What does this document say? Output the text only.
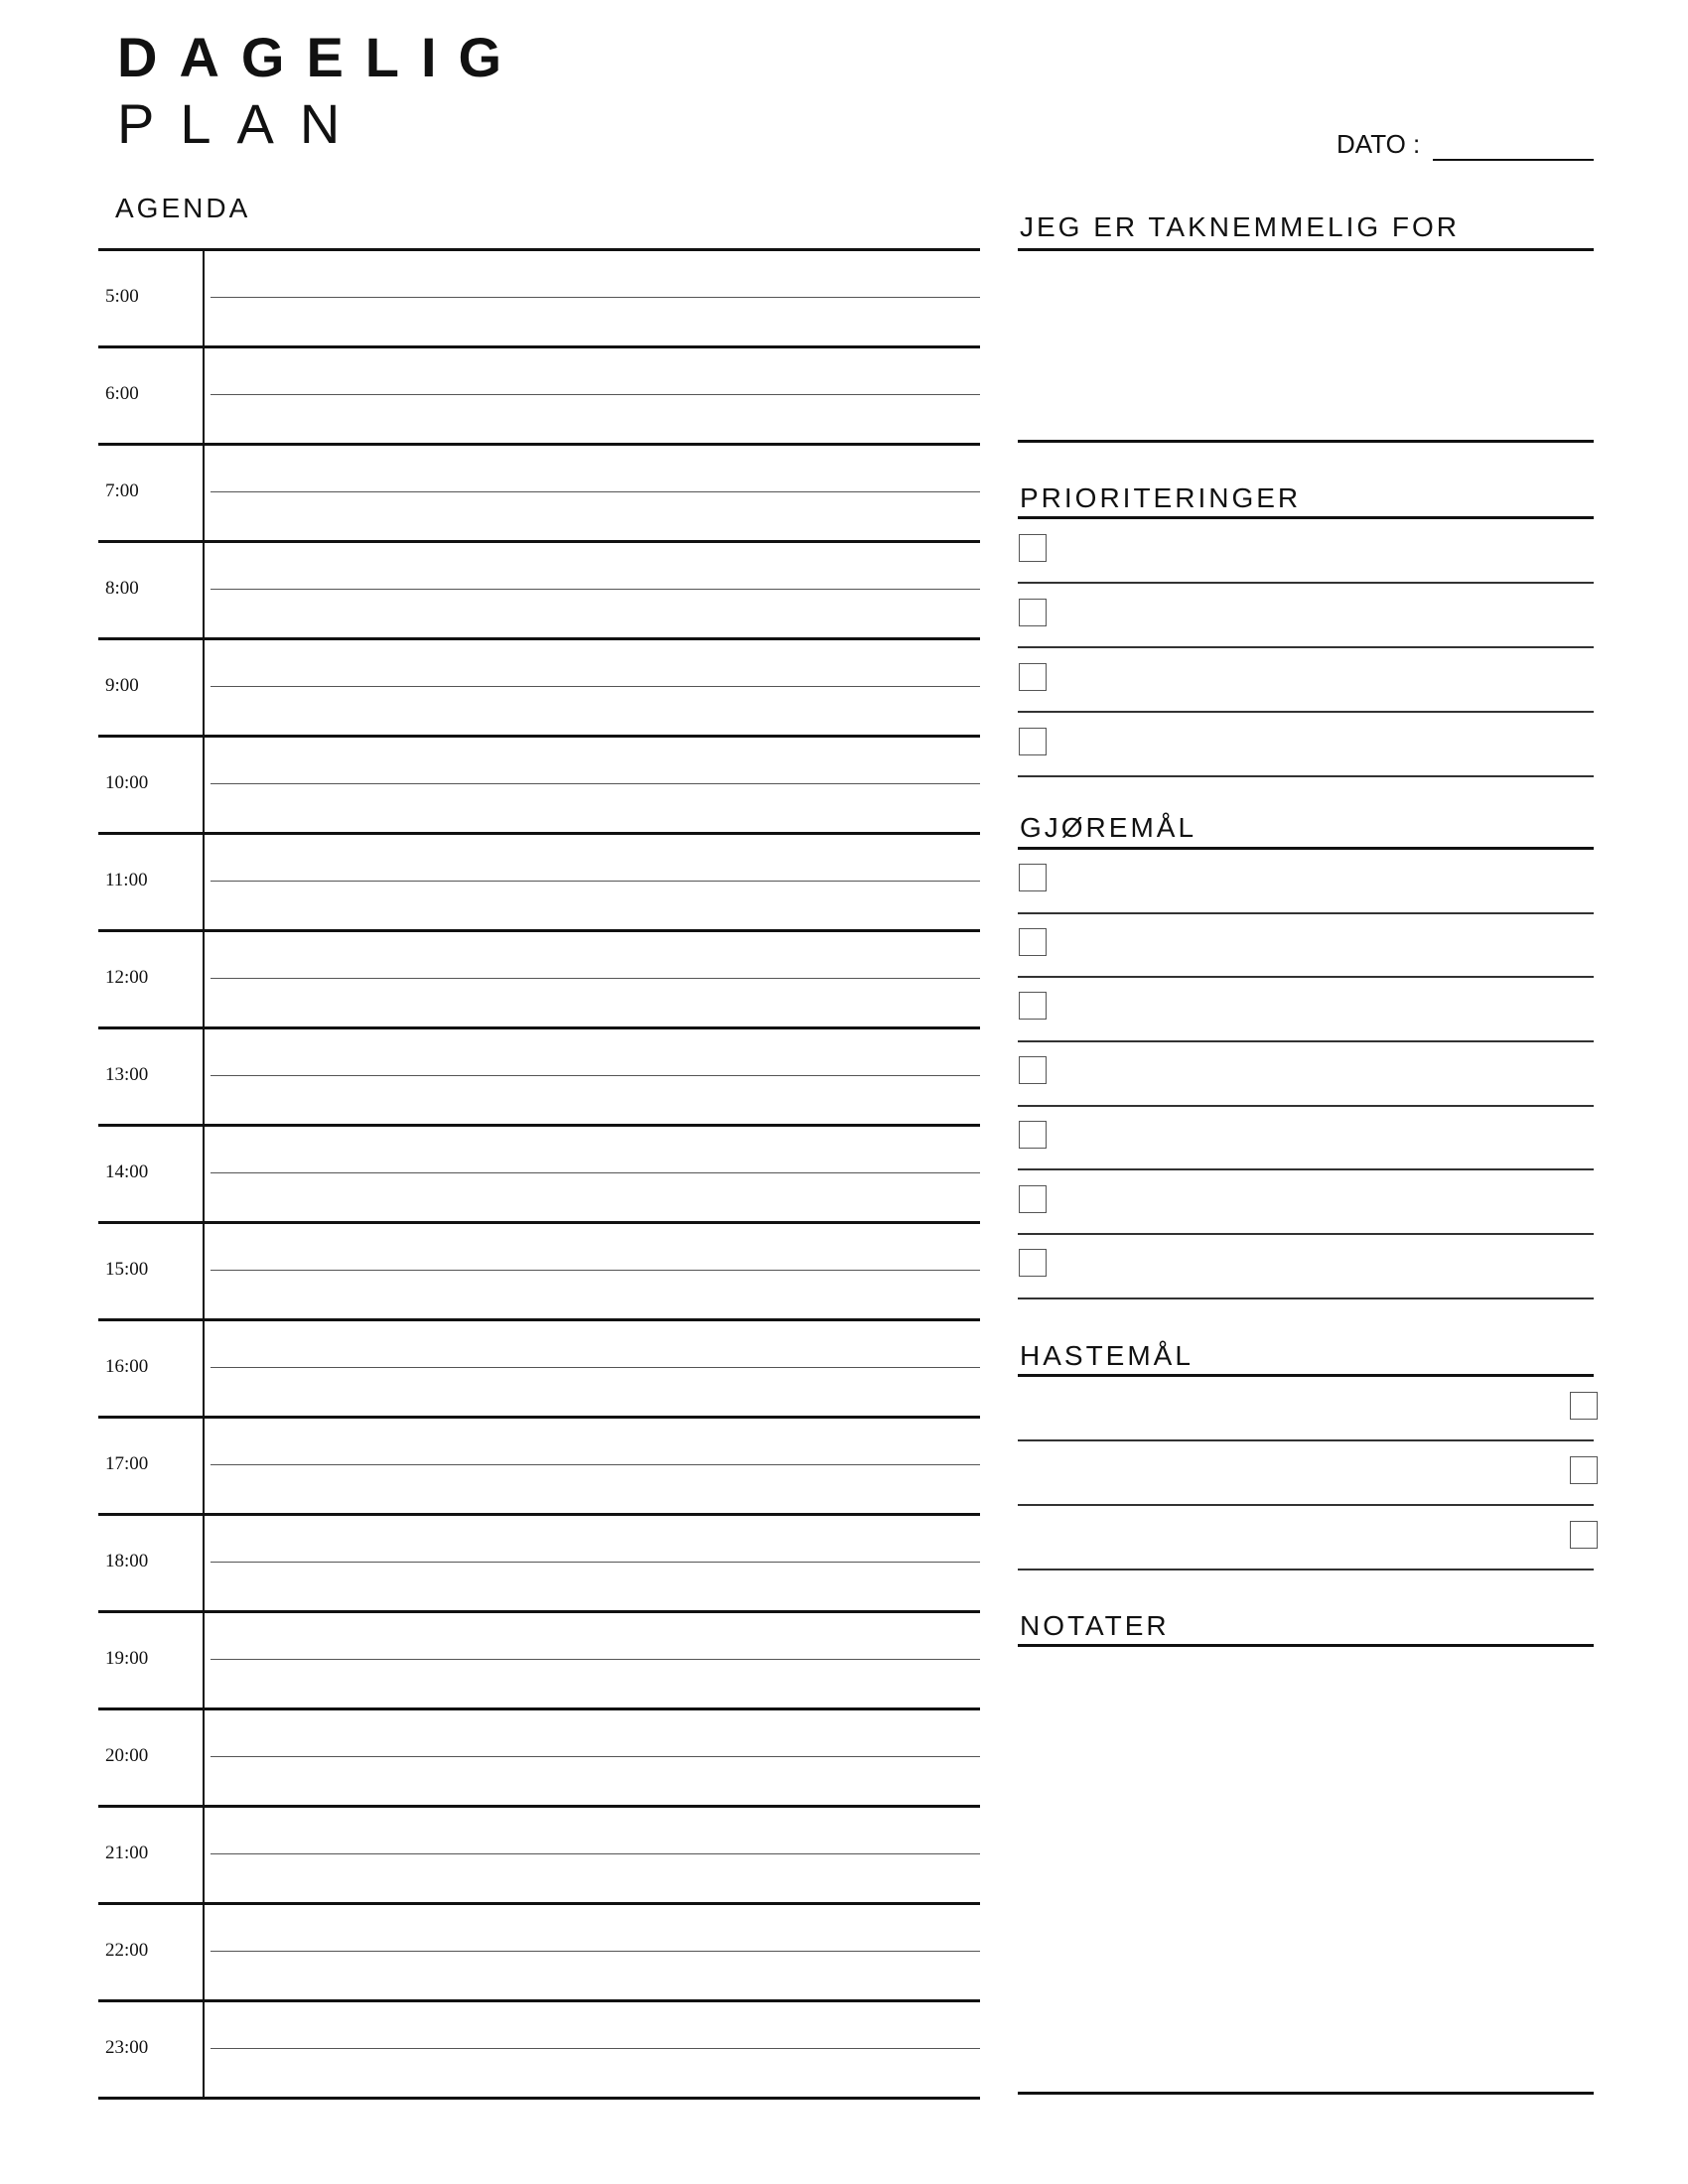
DAGELIG
PLAN	DATO :
AGENDA
5:00
6:00
7:00
8:00
9:00
10:00
11:00
12:00
13:00
14:00
15:00
16:00
17:00
18:00
19:00
20:00
21:00
22:00
23:00
JEG ER TAKNEMMELIG FOR
PRIORITERINGER
GJØREMÅL
HASTEMÅL
NOTATER
